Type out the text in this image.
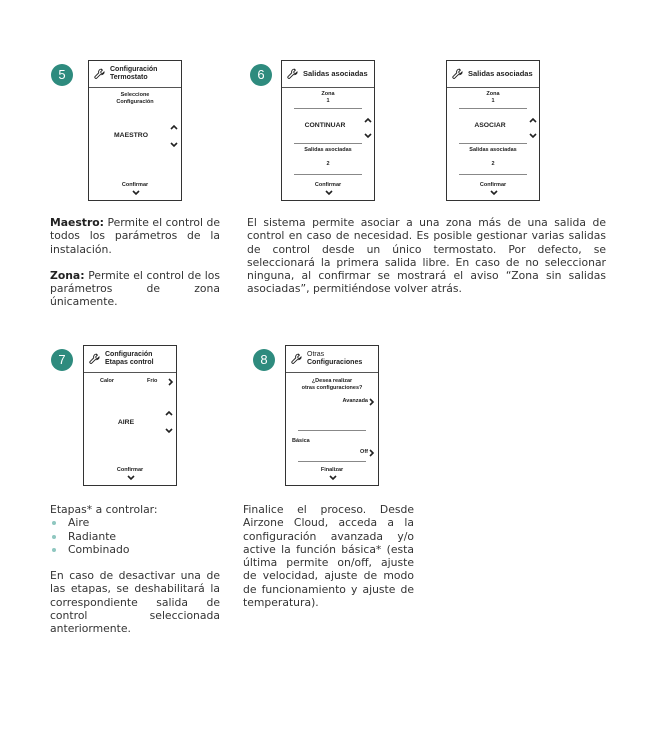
5	Configuración
Termostato
Seleccione
Configuración
MAESTRO
Confirmar
6	Salidas asociadas
Zona
1
CONTINUAR
Salidas asociadas
2
Confirmar
Salidas asociadas
Zona
1
ASOCIAR
Salidas asociadas
2
Confirmar

Maestro: Permite el control de todos los parámetros de la instalación.

Zona: Permite el control de los parámetros de zona únicamente.

El sistema permite asociar a una zona más de una salida de control en caso de necesidad. Es posible gestionar varias salidas de control desde un único termostato. Por defecto, se seleccionará la primera salida libre. En caso de no seleccionar ninguna, al confirmar se mostrará el aviso “Zona sin salidas asociadas”, permitiéndose volver atrás.
7	Configuración
Etapas control
Calor	Frío
AIRE
Confirmar
8	Otras
Configuraciones
¿Desea realizar
otras configuraciones?
Avanzada
Básica
Off
Finalizar
Etapas* a controlar:
Aire
Radiante
Combinado
En caso de desactivar una de las etapas, se deshabilitará la correspondiente salida de control seleccionada anteriormente.
Finalice el proceso. Desde Airzone Cloud, acceda a la configuración avanzada y/o active la función básica* (esta última permite on/off, ajuste de velocidad, ajuste de modo de funcionamiento y ajuste de temperatura).
